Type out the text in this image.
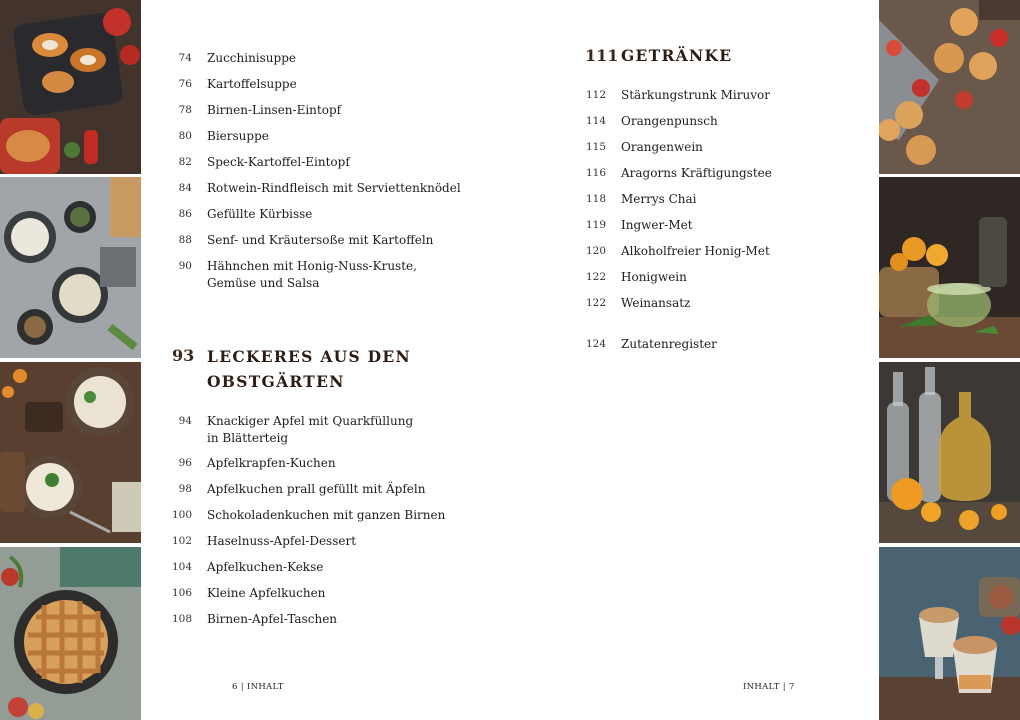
74 Zucchinisuppe
76 Kartoffelsuppe
78 Birnen-Linsen-Eintopf
80 Biersuppe
82 Speck-Kartoffel-Eintopf
84 Rotwein-Rindfleisch mit Serviettenknödel
86 Gefüllte Kürbisse
88 Senf- und Kräutersoße mit Kartoffeln
90 Hähnchen mit Honig-Nuss-Kruste,
Gemüse und Salsa
93 LECKERES AUS DEN
OBSTGÄRTEN
94 Knackiger Apfel mit Quarkfüllung
in Blätterteig
96 Apfelkrapfen-Kuchen
98 Apfelkuchen prall gefüllt mit Äpfeln
100 Schokoladenkuchen mit ganzen Birnen
102 Haselnuss-Apfel-Dessert
104 Apfelkuchen-Kekse
106 Kleine Apfelkuchen
108 Birnen-Apfel-Taschen
111 GETRÄNKE
112 Stärkungstrunk Miruvor
114 Orangenpunsch
115 Orangenwein
116 Aragorns Kräftigungstee
118 Merrys Chai
119 Ingwer-Met
120 Alkoholfreier Honig-Met
122 Honigwein
122 Weinansatz
124 Zutatenregister
6 | INHALT	INHALT | 7
